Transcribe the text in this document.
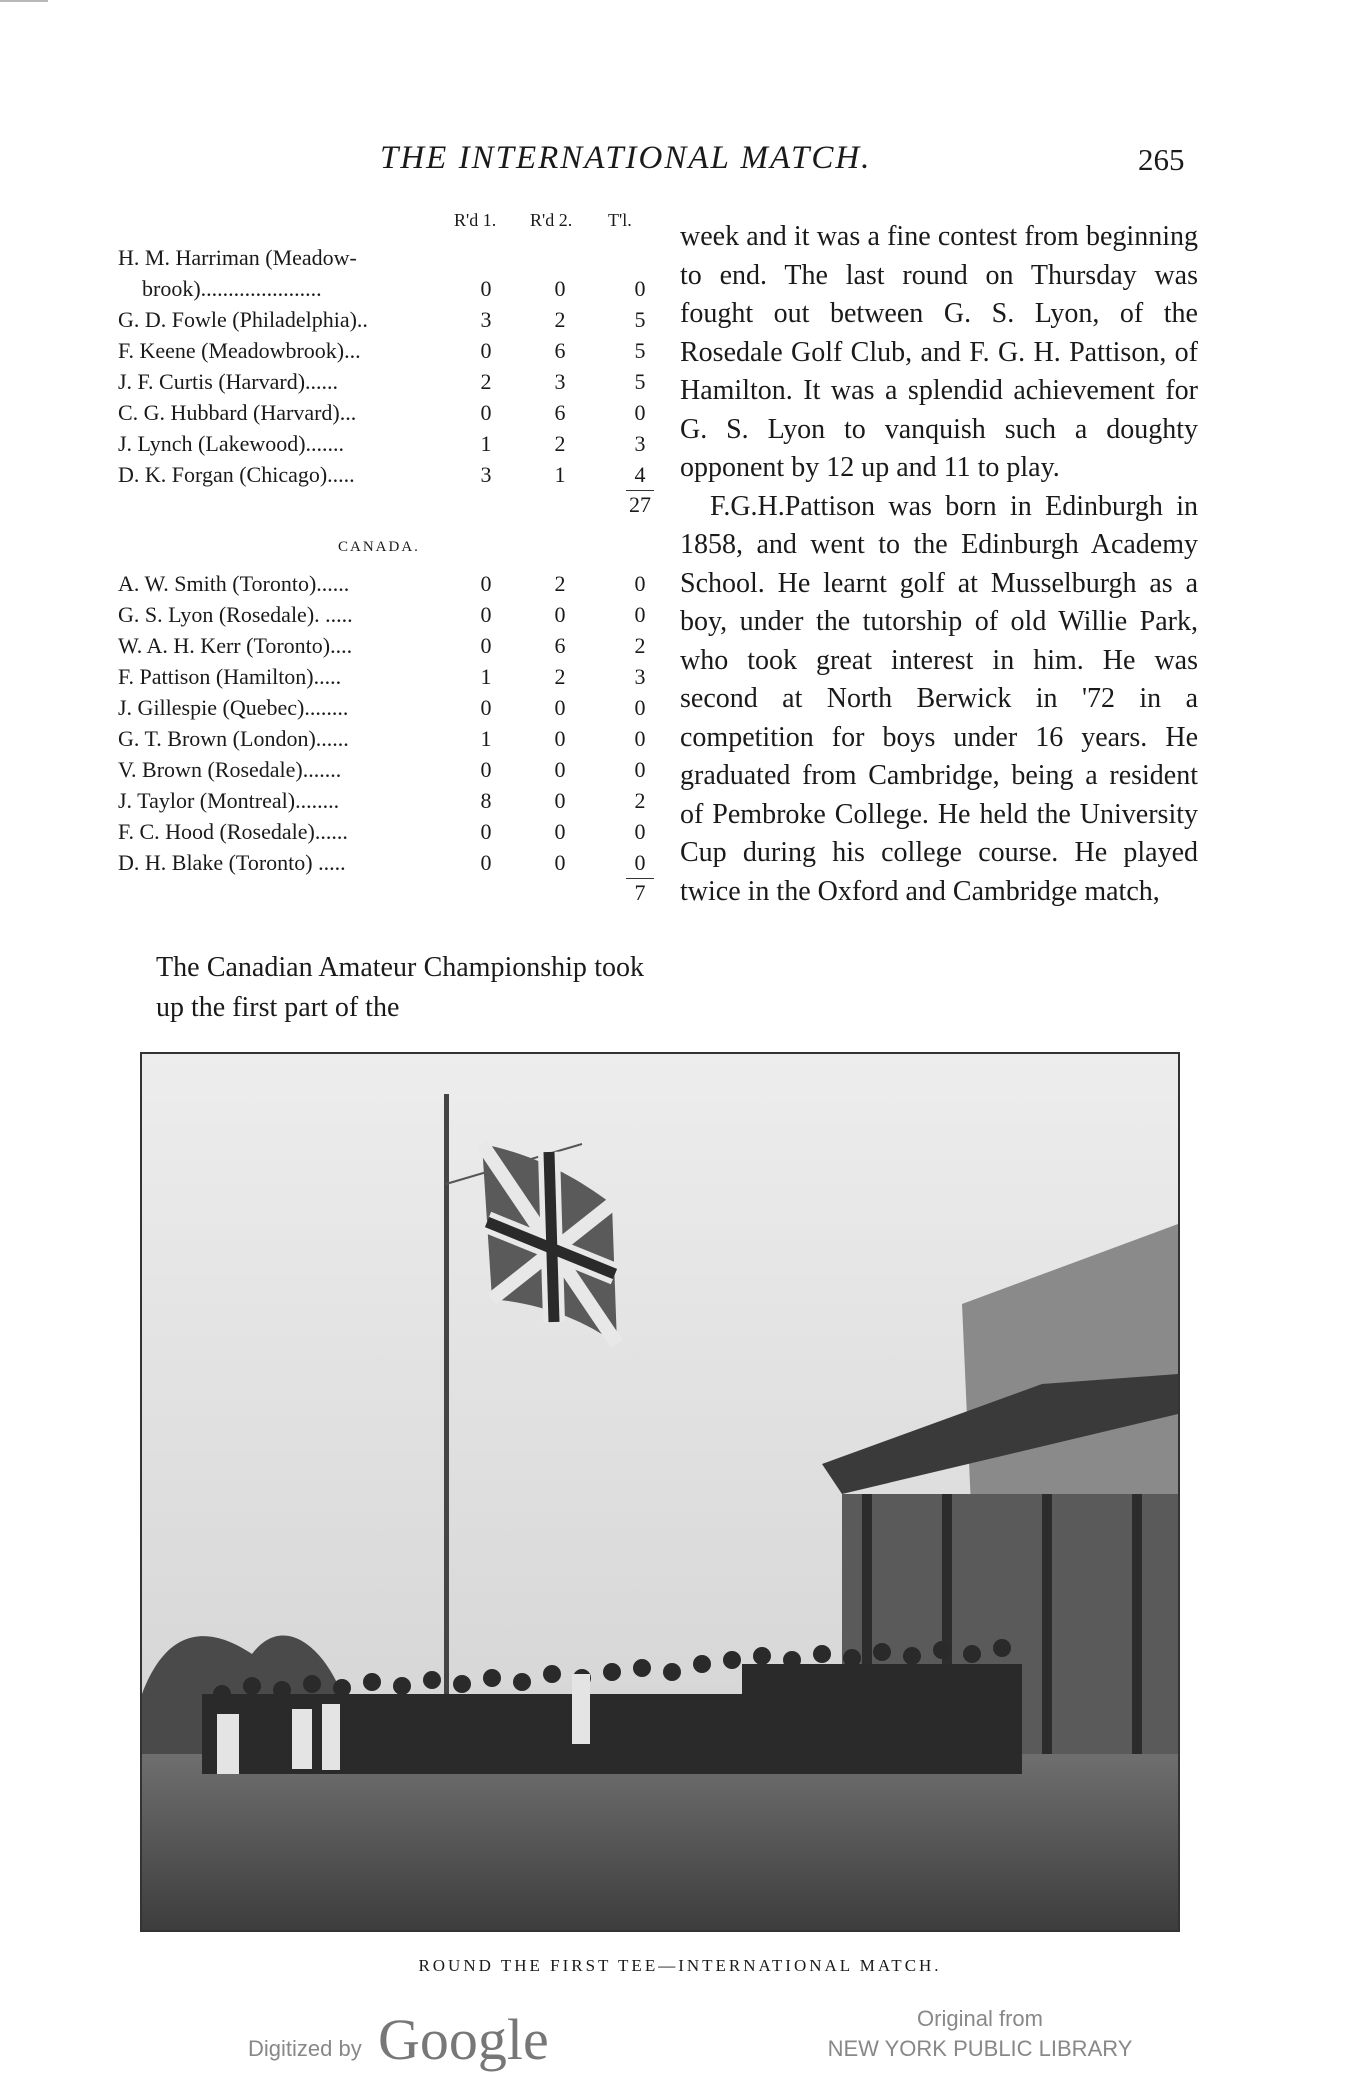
THE INTERNATIONAL MATCH.	265
R'd 1. R'd 2. T'l.
H. M. Harriman (Meadow-
brook)......................	0	0	0
G. D. Fowle (Philadelphia)..	3	2	5
F. Keene (Meadowbrook)...	0	6	5
J. F. Curtis (Harvard)......	2	3	5
C. G. Hubbard (Harvard)...	0	6	0
J. Lynch (Lakewood).......	1	2	3
D. K. Forgan (Chicago).....	3	1	4
27
CANADA.
A. W. Smith (Toronto)......	0	2	0
G. S. Lyon (Rosedale). .....	0	0	0
W. A. H. Kerr (Toronto)....	0	6	2
F. Pattison (Hamilton).....	1	2	3
J. Gillespie (Quebec)........	0	0	0
G. T. Brown (London)......	1	0	0
V. Brown (Rosedale).......	0	0	0
J. Taylor (Montreal)........	8	0	2
F. C. Hood (Rosedale)......	0	0	0
D. H. Blake (Toronto) .....	0	0	0
7
The Canadian Amateur Championship took up the first part of the

week and it was a fine contest from beginning to end. The last round on Thursday was fought out between G. S. Lyon, of the Rosedale Golf Club, and F. G. H. Pattison, of Hamilton. It was a splendid achievement for G. S. Lyon to vanquish such a doughty opponent by 12 up and 11 to play.

F.G.H.Pattison was born in Edinburgh in 1858, and went to the Edinburgh Academy School. He learnt golf at Musselburgh as a boy, under the tutorship of old Willie Park, who took great interest in him. He was second at North Berwick in '72 in a competition for boys under 16 years. He graduated from Cambridge, being a resident of Pembroke College. He held the University Cup during his college course. He played twice in the Oxford and Cambridge match,

ROUND THE FIRST TEE—INTERNATIONAL MATCH.
Digitized by Google	Original from
NEW YORK PUBLIC LIBRARY
